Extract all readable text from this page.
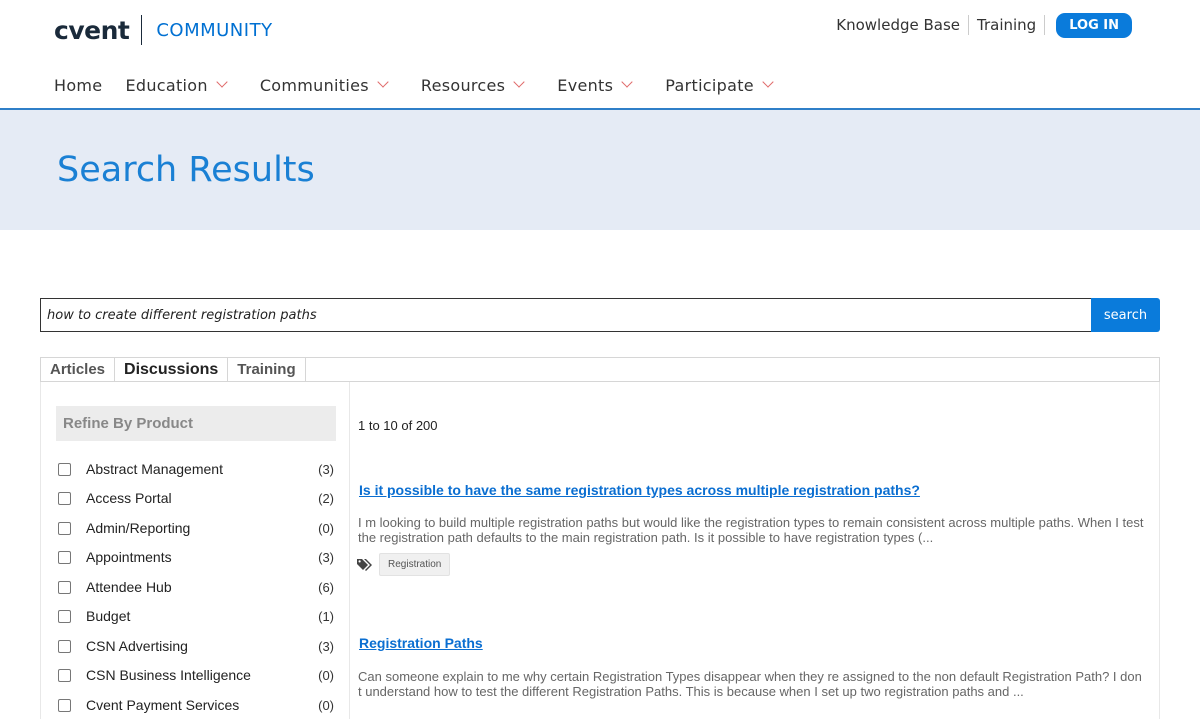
cvent COMMUNITY	Knowledge Base	Training	LOG IN
Home Education	Communities	Resources	Events	Participate
Search Results
how to create different registration paths
search
Articles	Discussions	Training
Refine By Product
Abstract Management	(3)
Access Portal	(2)
Admin/Reporting	(0)
Appointments	(3)
Attendee Hub	(6)
Budget	(1)
CSN Advertising	(3)
CSN Business Intelligence	(0)
Cvent Payment Services	(0)
1 to 10 of 200
Is it possible to have the same registration types across multiple registration paths?
I m looking to build multiple registration paths but would like the registration types to remain consistent across multiple paths. When I test the registration path defaults to the main registration path. Is it possible to have registration types (...
Registration
Registration Paths
Can someone explain to me why certain Registration Types disappear when they re assigned to the non default Registration Path? I don t understand how to test the different Registration Paths. This is because when I set up two registration paths and ...
